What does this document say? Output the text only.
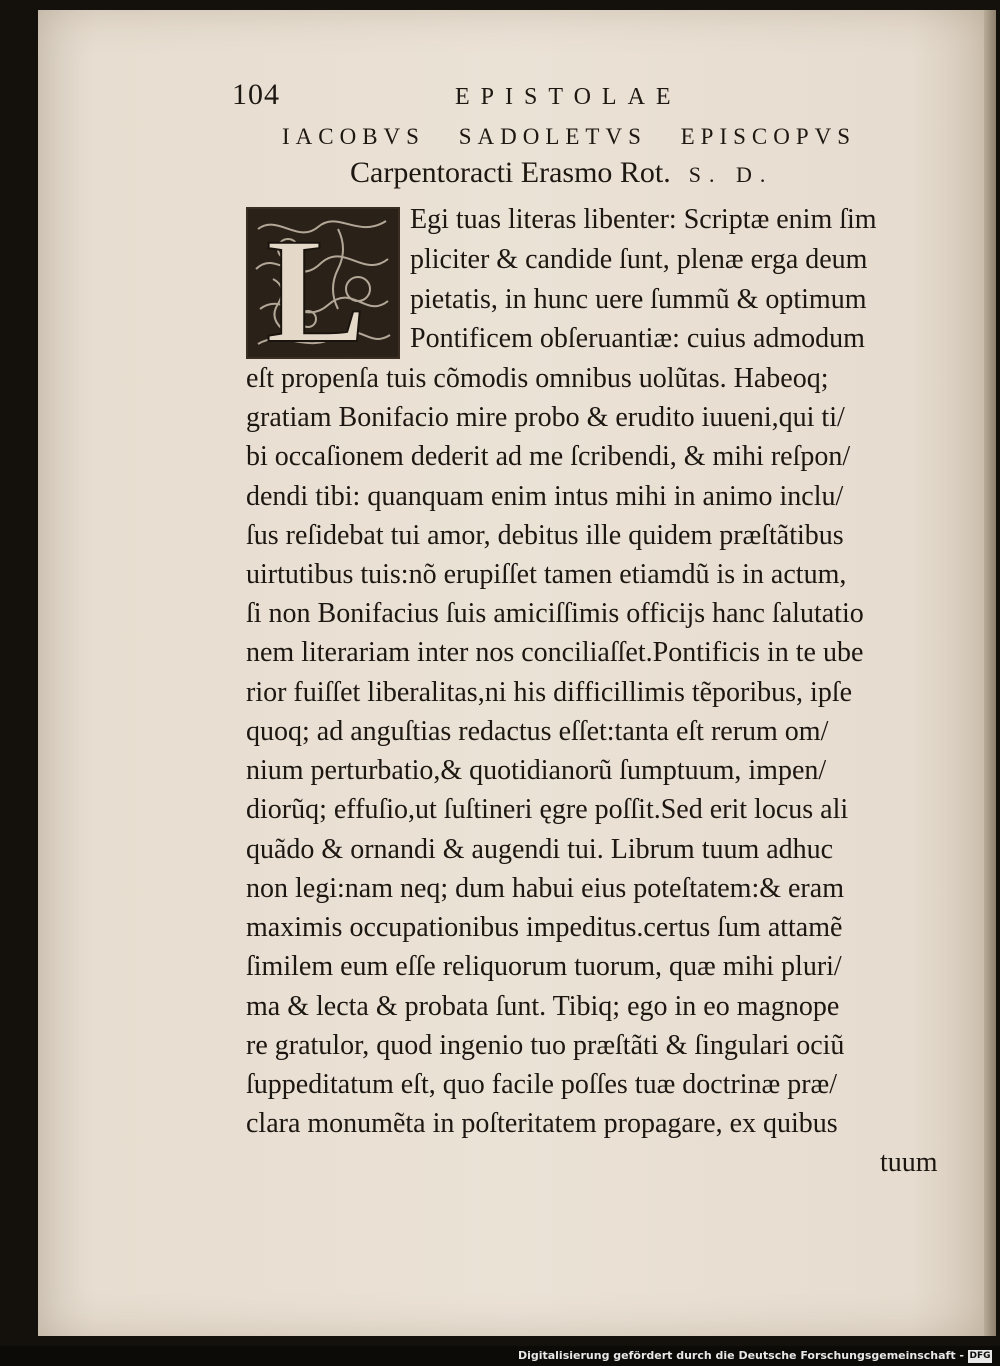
104	EPISTOLAE
IACOBVS SADOLETVS EPISCOPVS
Carpentoracti Erasmo Rot. S. D.
L Egi tuas literas libenter: Scriptæ enim ſim
pliciter & candide ſunt, plenæ erga deum
pietatis, in hunc uere ſummũ & optimum
Pontificem obſeruantiæ: cuius admodum
eſt propenſa tuis cõmodis omnibus uolũtas. Habeoq;
gratiam Bonifacio mire probo & erudito iuueni,qui ti/
bi occaſionem dederit ad me ſcribendi, & mihi reſpon/
dendi tibi: quanquam enim intus mihi in animo inclu/
ſus reſidebat tui amor, debitus ille quidem præſtãtibus
uirtutibus tuis:nõ erupiſſet tamen etiamdũ is in actum,
ſi non Bonifacius ſuis amiciſſimis officijs hanc ſalutatio
nem literariam inter nos conciliaſſet.Pontificis in te ube
rior fuiſſet liberalitas,ni his difficillimis tẽporibus, ipſe
quoq; ad anguſtias redactus eſſet:tanta eſt rerum om/
nium perturbatio,& quotidianorũ ſumptuum, impen/
diorũq; effuſio,ut ſuſtineri ęgre poſſit.Sed erit locus ali
quãdo & ornandi & augendi tui. Librum tuum adhuc
non legi:nam neq; dum habui eius poteſtatem:& eram
maximis occupationibus impeditus.certus ſum attamẽ
ſimilem eum eſſe reliquorum tuorum, quæ mihi pluri/
ma & lecta & probata ſunt. Tibiq; ego in eo magnope
re gratulor, quod ingenio tuo præſtãti & ſingulari ociũ
ſuppeditatum eſt, quo facile poſſes tuæ doctrinæ præ/
clara monumẽta in poſteritatem propagare, ex quibus
tuum
Digitalisierung gefördert durch die Deutsche Forschungsgemeinschaft - DFG
